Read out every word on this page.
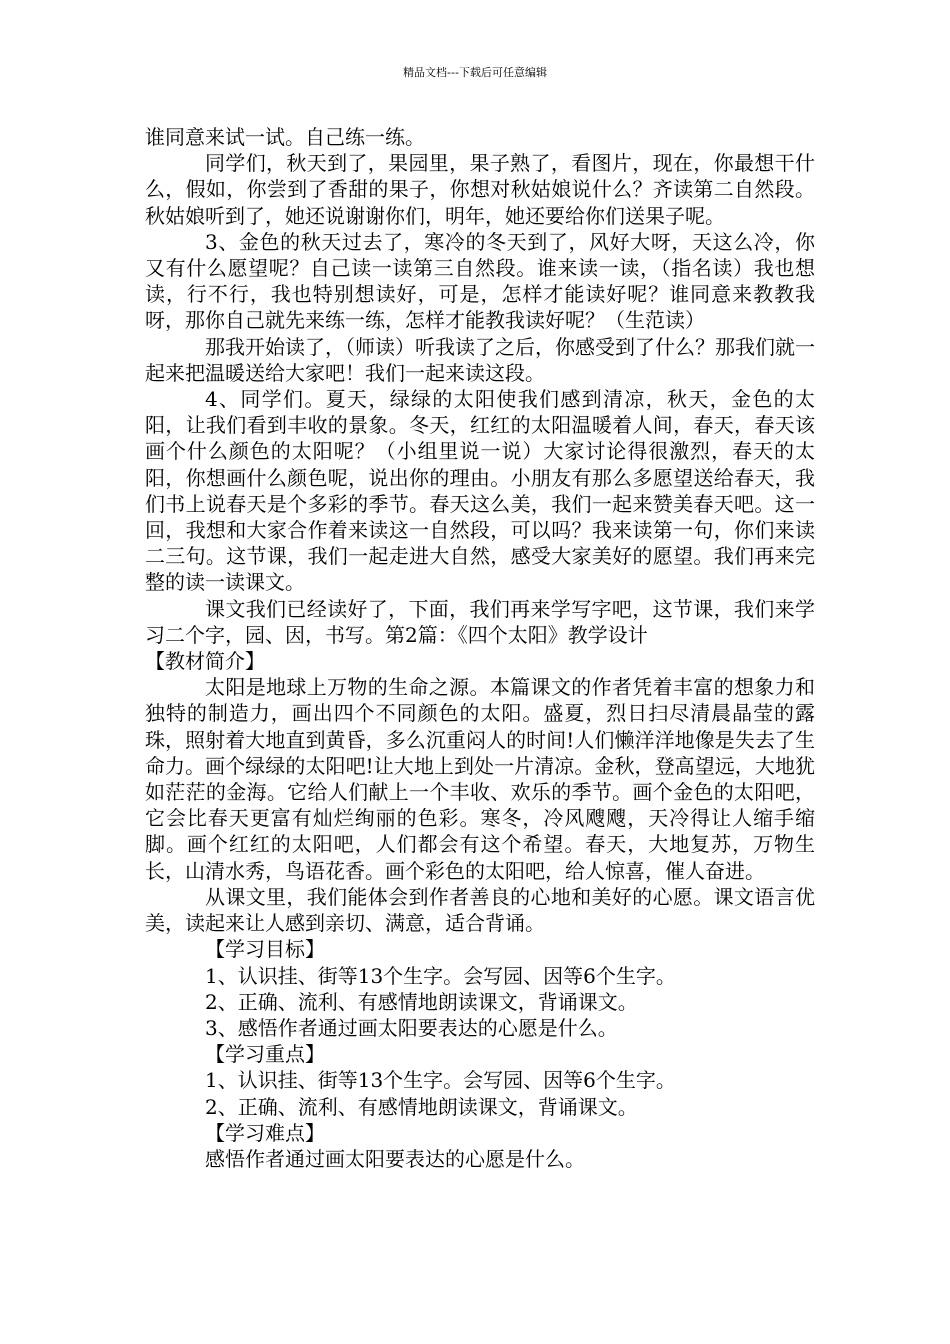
精品文档---下载后可任意编辑

谁同意来试一试。自己练一练。

同学们，秋天到了，果园里，果子熟了，看图片，现在，你最想干什么，假如，你尝到了香甜的果子，你想对秋姑娘说什么？齐读第二自然段。秋姑娘听到了，她还说谢谢你们，明年，她还要给你们送果子呢。

3、金色的秋天过去了，寒冷的冬天到了，风好大呀，天这么冷，你又有什么愿望呢？自己读一读第三自然段。谁来读一读，（指名读）我也想读，行不行，我也特别想读好，可是，怎样才能读好呢？谁同意来教教我呀，那你自己就先来练一练，怎样才能教我读好呢？（生范读）

那我开始读了，（师读）听我读了之后，你感受到了什么？那我们就一起来把温暖送给大家吧！我们一起来读这段。

4、同学们。夏天，绿绿的太阳使我们感到清凉，秋天，金色的太阳，让我们看到丰收的景象。冬天，红红的太阳温暖着人间，春天，春天该画个什么颜色的太阳呢？（小组里说一说）大家讨论得很激烈，春天的太阳，你想画什么颜色呢，说出你的理由。小朋友有那么多愿望送给春天，我们书上说春天是个多彩的季节。春天这么美，我们一起来赞美春天吧。这一回，我想和大家合作着来读这一自然段，可以吗？我来读第一句，你们来读二三句。这节课，我们一起走进大自然，感受大家美好的愿望。我们再来完整的读一读课文。

课文我们已经读好了，下面，我们再来学写字吧，这节课，我们来学习二个字，园、因，书写。第2篇：《四个太阳》教学设计

【教材简介】

太阳是地球上万物的生命之源。本篇课文的作者凭着丰富的想象力和独特的制造力，画出四个不同颜色的太阳。盛夏，烈日扫尽清晨晶莹的露珠，照射着大地直到黄昏，多么沉重闷人的时间!人们懒洋洋地像是失去了生命力。画个绿绿的太阳吧!让大地上到处一片清凉。金秋，登高望远，大地犹如茫茫的金海。它给人们献上一个丰收、欢乐的季节。画个金色的太阳吧，它会比春天更富有灿烂绚丽的色彩。寒冬，冷风飕飕，天冷得让人缩手缩脚。画个红红的太阳吧，人们都会有这个希望。春天，大地复苏，万物生长，山清水秀，鸟语花香。画个彩色的太阳吧，给人惊喜，催人奋进。

从课文里，我们能体会到作者善良的心地和美好的心愿。课文语言优美，读起来让人感到亲切、满意，适合背诵。

【学习目标】

1、认识挂、街等13个生字。会写园、因等6个生字。

2、正确、流利、有感情地朗读课文，背诵课文。

3、感悟作者通过画太阳要表达的心愿是什么。

【学习重点】

1、认识挂、街等13个生字。会写园、因等6个生字。

2、正确、流利、有感情地朗读课文，背诵课文。

【学习难点】

感悟作者通过画太阳要表达的心愿是什么。
